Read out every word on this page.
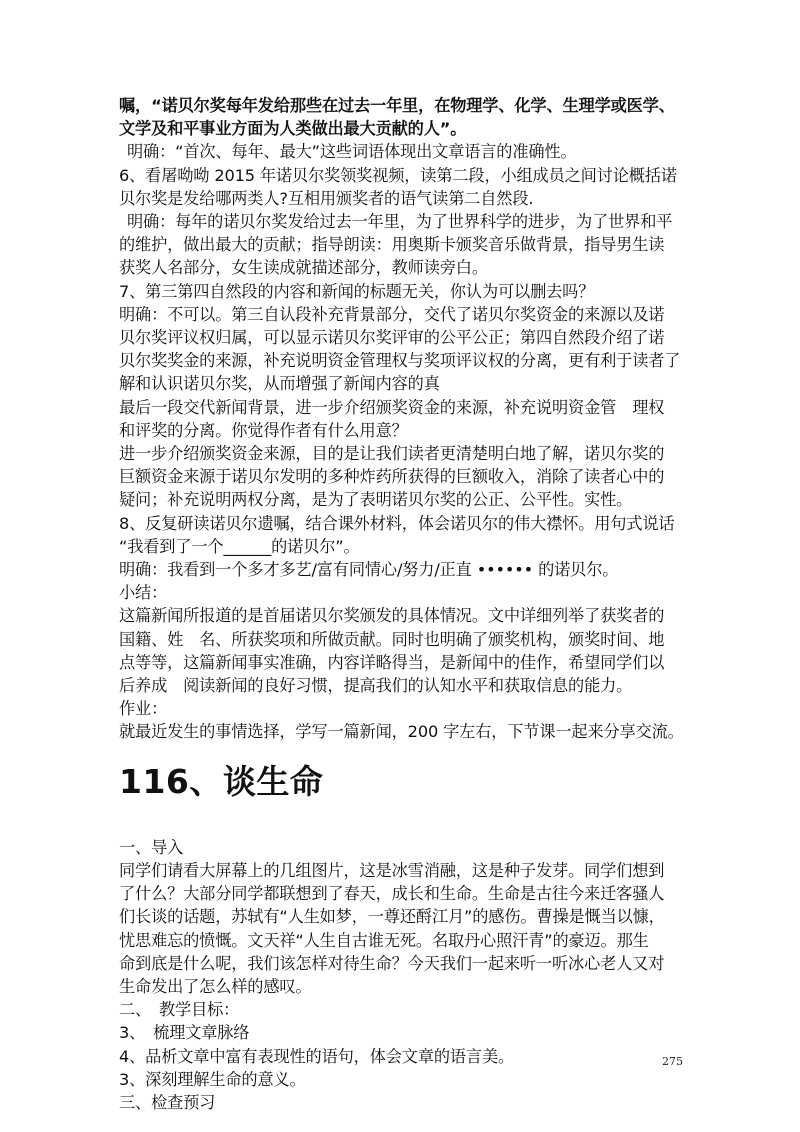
嘱，“诺贝尔奖每年发给那些在过去一年里，在物理学、化学、生理学或医学、
文学及和平事业方面为人类做出最大贡献的人”。
明确：“首次、每年、最大”这些词语体现出文章语言的准确性。
6、看屠呦呦 2015 年诺贝尔奖领奖视频，读第二段，小组成员之间讨论概括诺
贝尔奖是发给哪两类人?互相用颁奖者的语气读第二自然段.
明确：每年的诺贝尔奖发给过去一年里，为了世界科学的进步，为了世界和平
的维护，做出最大的贡献；指导朗读：用奥斯卡颁奖音乐做背景，指导男生读
获奖人名部分，女生读成就描述部分，教师读旁白。
7、第三第四自然段的内容和新闻的标题无关，你认为可以删去吗？
明确：不可以。第三自认段补充背景部分，交代了诺贝尔奖资金的来源以及诺
贝尔奖评议权归属，可以显示诺贝尔奖评审的公平公正；第四自然段介绍了诺
贝尔奖奖金的来源，补充说明资金管理权与奖项评议权的分离，更有利于读者了
解和认识诺贝尔奖，从而增强了新闻内容的真
最后一段交代新闻背景，进一步介绍颁奖资金的来源，补充说明资金管　理权
和评奖的分离。你觉得作者有什么用意？
进一步介绍颁奖资金来源，目的是让我们读者更清楚明白地了解，诺贝尔奖的
巨额资金来源于诺贝尔发明的多种炸药所获得的巨额收入，消除了读者心中的
疑问；补充说明两权分离，是为了表明诺贝尔奖的公正、公平性。实性。
8、反复研读诺贝尔遗嘱，结合课外材料，体会诺贝尔的伟大襟怀。用句式说话
“我看到了一个______的诺贝尔”。
明确：我看到一个多才多艺/富有同情心/努力/正直 •••••• 的诺贝尔。
小结：
这篇新闻所报道的是首届诺贝尔奖颁发的具体情况。文中详细列举了获奖者的
国籍、姓　名、所获奖项和所做贡献。同时也明确了颁奖机构，颁奖时间、地
点等等，这篇新闻事实准确，内容详略得当，是新闻中的佳作，希望同学们以
后养成　阅读新闻的良好习惯，提高我们的认知水平和获取信息的能力。
作业：
就最近发生的事情选择，学写一篇新闻，200 字左右，下节课一起来分享交流。
116、谈生命
一、导入
同学们请看大屏幕上的几组图片，这是冰雪消融，这是种子发芽。同学们想到
了什么？大部分同学都联想到了春天，成长和生命。生命是古往今来迁客骚人
们长谈的话题，苏轼有“人生如梦，一尊还酹江月”的感伤。曹操是慨当以慷，
忧思难忘的愤慨。文天祥“人生自古谁无死。名取丹心照汗青”的豪迈。那生
命到底是什么呢，我们该怎样对待生命？今天我们一起来听一听冰心老人又对
生命发出了怎么样的感叹。
二、　教学目标：
3、　梳理文章脉络
4、品析文章中富有表现性的语句，体会文章的语言美。
3、深刻理解生命的意义。
三、检查预习
275
